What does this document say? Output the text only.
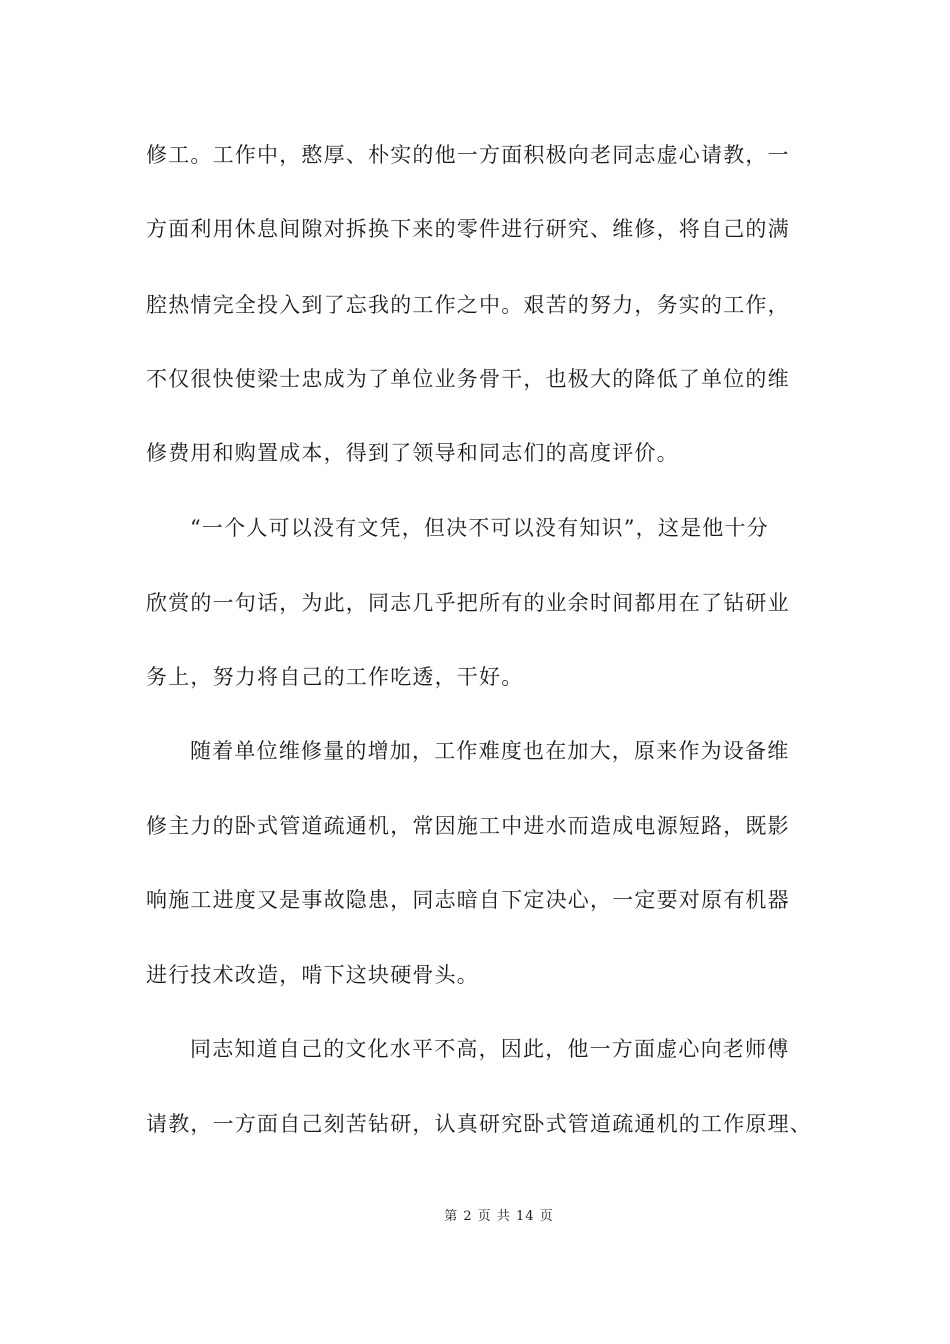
修工。工作中，憨厚、朴实的他一方面积极向老同志虚心请教，一
方面利用休息间隙对拆换下来的零件进行研究、维修，将自己的满
腔热情完全投入到了忘我的工作之中。艰苦的努力，务实的工作，
不仅很快使梁士忠成为了单位业务骨干，也极大的降低了单位的维
修费用和购置成本，得到了领导和同志们的高度评价。
“一个人可以没有文凭，但决不可以没有知识”，这是他十分
欣赏的一句话，为此，同志几乎把所有的业余时间都用在了钻研业
务上，努力将自己的工作吃透，干好。
随着单位维修量的增加，工作难度也在加大，原来作为设备维
修主力的卧式管道疏通机，常因施工中进水而造成电源短路，既影
响施工进度又是事故隐患，同志暗自下定决心，一定要对原有机器
进行技术改造，啃下这块硬骨头。
同志知道自己的文化水平不高，因此，他一方面虚心向老师傅
请教，一方面自己刻苦钻研，认真研究卧式管道疏通机的工作原理、
第 2 页 共 14 页
